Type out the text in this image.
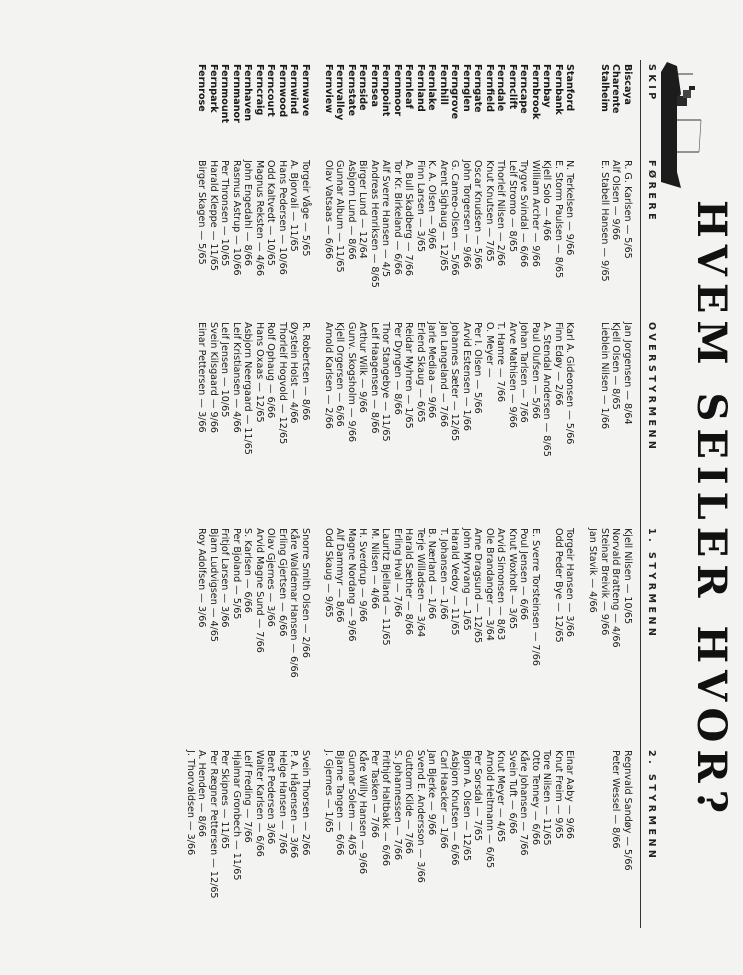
HVEM SEILER HVOR?
SKIP
FØRERE
OVERSTYRMENN
1. STYRMENN
2. STYRMENN
Biscaya
Charente
Stalheim
Stanford
Fernbank
Fernbay
Fernbrook
Ferncape
Fernclift
Ferndale
Fernfield
Ferngate
Fernglen
Ferngrove
Fernhill
Fernlake
Fernland
Fernleaf
Fernmoor
Fernpoint
Fernsea
Fernside
Fernstate
Fernvalley
Fernview
Fernwave
Fernwind
Fernwood
Ferncourt
Ferncraig
Fernhaven
Fernmanor
Fernmount
Fernpark
Fernrose
R. G. Karlsen — 5/65
Alf Olsen — 9/66
E. Stabell Hansen — 9/65
N. Terkelsen — 9/66
E. Storm Paulsen — 8/65
Kjell Solo — 4/66
William Archer — 9/66
Trygve Svindal — 6/66
Leif Stromo — 8/65
Thorleif Nilsen — 2/66
Knut Knutsen — 7/65
Oscar Knudsen — 5/66
John Torgersen — 9/66
G. Cameo-Olsen — 5/66
Arent Sighaug — 12/65
K. A. Olsen — 9/66
Finn Larsen — 3/65
A. Bull Skadberg — 7/66
Tor Kr. Birkeland — 6/66
Alf Sverre Hansen — 4/5
Andreas Henriksen — 8/65
Birger Lund — 12/64
Asbjorn Lund — 8/66
Gunnar Album — 11/65
Olav Vatsaas — 6/66
Torgeir Våge — 5/65
A. Bjorvali — 11/65
Hans Pedersen — 10/66
Odd Kaltvedt — 10/65
Magnus Reksten — 4/66
John Engedahl — 8/66
Rasmus Astrup — 10/66
Per Thronsen — 10/65
Harald Kleppe — 11/65
Birger Skagen — 5/65
Jan Jorgensen — 8/64
Kjell Olsen — 8/65
Lieblein Nilsen — 1/66
Karl A. Gideonsen — 5/66
Finn Edøy — 2/66
A. Stendal Andersen — 8/65
Paul Olufsen — 5/66
Johan Tarlsen — 7/66
Arve Mathisen — 9/66
T. Hamre — 7/66
O. Meyer —
Per I. Olsen — 5/66
Arvid Estensen — 1/66
Johannes Sæter — 12/65
Jan Langeland — 7/66
Jarle Mediaa — 9/66
Erlend Skaug — 6/65
Reidar Myhren — 1/65
Per Dyngen — 8/66
Thor Stangebye — 11/65
Leif Haagensen — 8/66
Arthur Wilk — 9/66
Gunv. Skogsholm — 9/66
Kjell Orgersen — 6/66
Arnold Karlsen — 2/66
R. Robertsen — 8/66
Øystein Holst — 4/66
Thorleif Hogvold — 12/65
Rolf Ophaug — 6/66
Hans Oxaas — 12/65
Asbjorn Neergaard — 11/65
Leif Kristiansen — 4/66
Leif Jensen — 10/65
Svein Kilsgaard — 9/66
Einar Pettersen — 3/66
Kjell Nilsen — 10/65
Norvald Bratteng — 4/66
Steinar Breivik — 9/66
Jan Stavik — 4/66
Torgeir Hansen — 3/66
Odd Peder Bye — 12/65
E. Sverre Torsteinsen — 7/66
Poul Jensen — 6/66
Knut Woxholt — 3/65
Arvid Simonsen — 8/63
Ole Brandanger — 3/64
Arne Dragsund — 12/65
John Myrvang — 1/65
Harald Vedoy — 11/65
T. Johansen — 1/66
B. Nærland — 1/66
Terje Willadsen — 3/64
Harald Sæther — 8/66
Erling Hval — 7/66
Lauritz Bjelland — 11/65
M. Nilsen — 4/66
H. Sverdrup — 9/66
Magne Nordang — 9/66
Alf Dammyr — 8/66
Odd Skaug — 9/65
Snorre Smith Olsen — 2/66
Kåre Waldemar Hansen — 6/66
Erling Gjertsen — 6/66
Olav Gjernes — 3/66
Arvid Magne Sund — 7/66
S. Karlsen — 6/66
Per Bjoland — 5/65
Fritjof Larsen — 3/66
Bjarn Ludvigsen — 4/65
Roy Adolfsen — 3/66
Regnvald Sandøy — 5/66
Peter Wessel — 8/66
Einar Aaby — 9/66
Knut Freim — 9/65
Tore Nilsen — 11/65
Otto Tenney — 6/66
Kåre Johansen — 7/66
Svein Tuft — 6/66
Knut Meyer — 4/65
Arnold Heitmann — 6/65
Per Sorsdal — 7/65
Bjorn A. Olsen — 12/65
Asbjorn Knutsen — 6/66
Carl Haacker — 1/66
Jan Bjerke — 9/66
Svend E. Andersson — 3/66
Guttorm Kilde — 7/66
S. Johannessen — 7/66
Frithjof Haltbakk — 6/66
Per Tasken — 7/66
Kåre Willy Hansen — 9/66
Gunnar Solem — 4/65
Bjarne Tangen — 6/66
J. Gjernes — 1/65
Svein Thorsen — 2/66
P. A. Hågensen — 3/66
Helge Hansen — 7/66
Bent Pedersen 3/66
Walter Karlsen — 6/66
Leif Freding — 7/66
Hjalmar Gronbech — 11/65
Per Skipnes — 11/65
Per Rægner Pettersen — 12/65
A. Henden — 8/66
J. Thorvaldsen — 3/66
